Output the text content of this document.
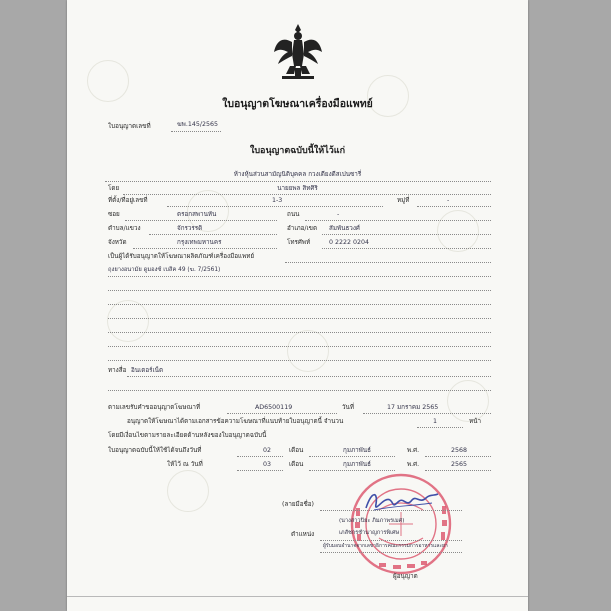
ใบอนุญาตโฆษณาเครื่องมือแพทย์
ใบอนุญาตเลขที่	ฆพ.145/2565
ใบอนุญาตฉบับนี้ให้ไว้แก่
ห้างหุ้นส่วนสามัญนิติบุคคล กวงเตียงดีสเปนซารี่
โดย	นายยพล สิทศิริ
ที่ตั้ง/ที่อยู่เลขที่	1-3	หมู่ที่	-
ซอย	ตรอกสพานหัน	ถนน	-
ตำบล/แขวง	จักรวรรดิ	อำเภอ/เขต สัมพันธวงศ์
จังหวัด	กรุงเทพมหานคร	โทรศัพท์	0 2222 0204
เป็นผู้ได้รับอนุญาตให้โฆษณาผลิตภัณฑ์เครื่องมือแพทย์
ถุงยางอนามัย ดูมองซ์ เบสิค 49 (ฆ. 7/2561)
ทางสื่อ อินเตอร์เน็ต
ตามเลขรับคำขออนุญาตโฆษณาที่	AD6500119	วันที่	17 มกราคม 2565
อนุญาตให้โฆษณาได้ตามเอกสารข้อความโฆษณาที่แนบท้ายใบอนุญาตนี้ จำนวน	1	หน้า
โดยมีเงื่อนไขตามรายละเอียดด้านหลังของใบอนุญาตฉบับนี้
ใบอนุญาตฉบับนี้ให้ใช้ได้จนถึงวันที่	02	เดือน	กุมภาพันธ์	พ.ศ.	2568
ให้ไว้ ณ วันที่	03	เดือน	กุมภาพันธ์	พ.ศ.	2565
(ลายมือชื่อ)
(นางสาวปิยะ ภิมภาพรเมศ)
ตำแหน่ง	เภสัชกรชำนาญการพิเศษ
ผู้รับมอบอำนาจจากเลขาธิการคณะกรรมการอาหารและยา
ผู้อนุญาต
